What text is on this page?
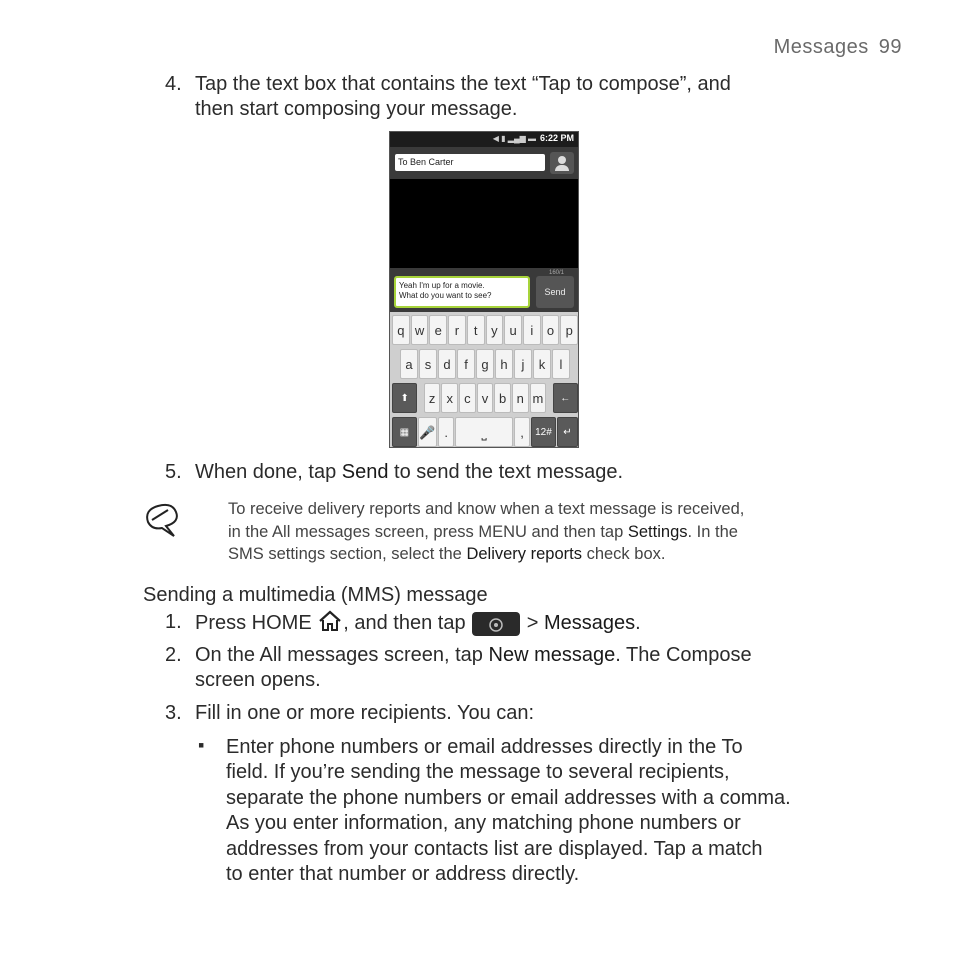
Messages 99
4. Tap the text box that contains the text “Tap to compose”, and
then start composing your message.
◀ ▮ ▂▄▆ ▬ 6:22 PM
To Ben Carter
160/1
Yeah I'm up for a movie.
What do you want to see?	Send
q w e r	t	y u	i	o p
a s d	f	g h	j	k	l
⬆	z x c v b n m	←
▦ 🎤 .	⎵	,	12#	↵
5. When done, tap Send to send the text message.
To receive delivery reports and know when a text message is received,
in the All messages screen, press MENU and then tap Settings. In the
SMS settings section, select the Delivery reports check box.
Sending a multimedia (MMS) message
1. Press HOME , and then tap	> Messages.
2. On the All messages screen, tap New message. The Compose
screen opens.
3. Fill in one or more recipients. You can:
▪ Enter phone numbers or email addresses directly in the To
field. If you’re sending the message to several recipients,
separate the phone numbers or email addresses with a comma.
As you enter information, any matching phone numbers or
addresses from your contacts list are displayed. Tap a match
to enter that number or address directly.
